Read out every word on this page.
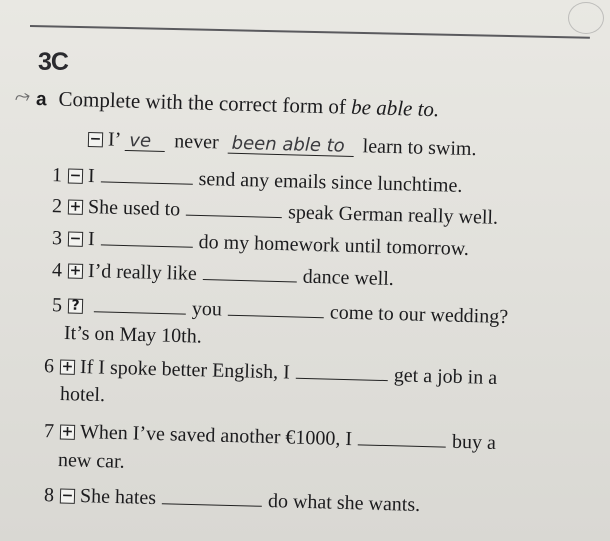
3C
⤳ a Complete with the correct form of be able to.
− I’ ve never been able to learn to swim.
1 − I	send any emails since lunchtime.
2 + She used to	speak German really well.
3 − I	do my homework until tomorrow.
4 + I’d really like	dance well.
5 ?	you	come to our wedding?
It’s on May 10th.
6 + If I spoke better English, I	get a job in a
hotel.
7 + When I’ve saved another €1000, I	buy a
new car.
8 − She hates	do what she wants.
